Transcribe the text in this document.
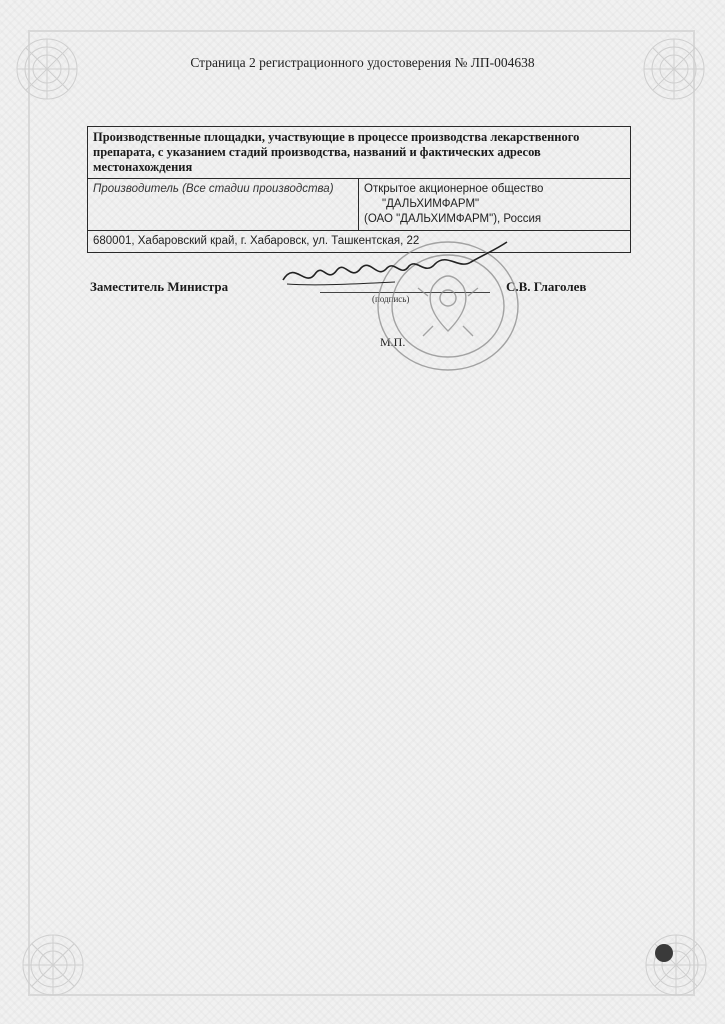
Страница 2 регистрационного удостоверения № ЛП-004638
Производственные площадки, участвующие в процессе производства лекарственного препарата, с указанием стадий производства, названий и фактических адресов местонахождения
Производитель (Все стадии производства)	Открытое акционерное общество
"ДАЛЬХИМФАРМ"
(ОАО "ДАЛЬХИМФАРМ"), Россия

680001, Хабаровский край, г. Хабаровск, ул. Ташкентская, 22
Заместитель Министра
(подпись)
С.В. Глаголев
М.П.
